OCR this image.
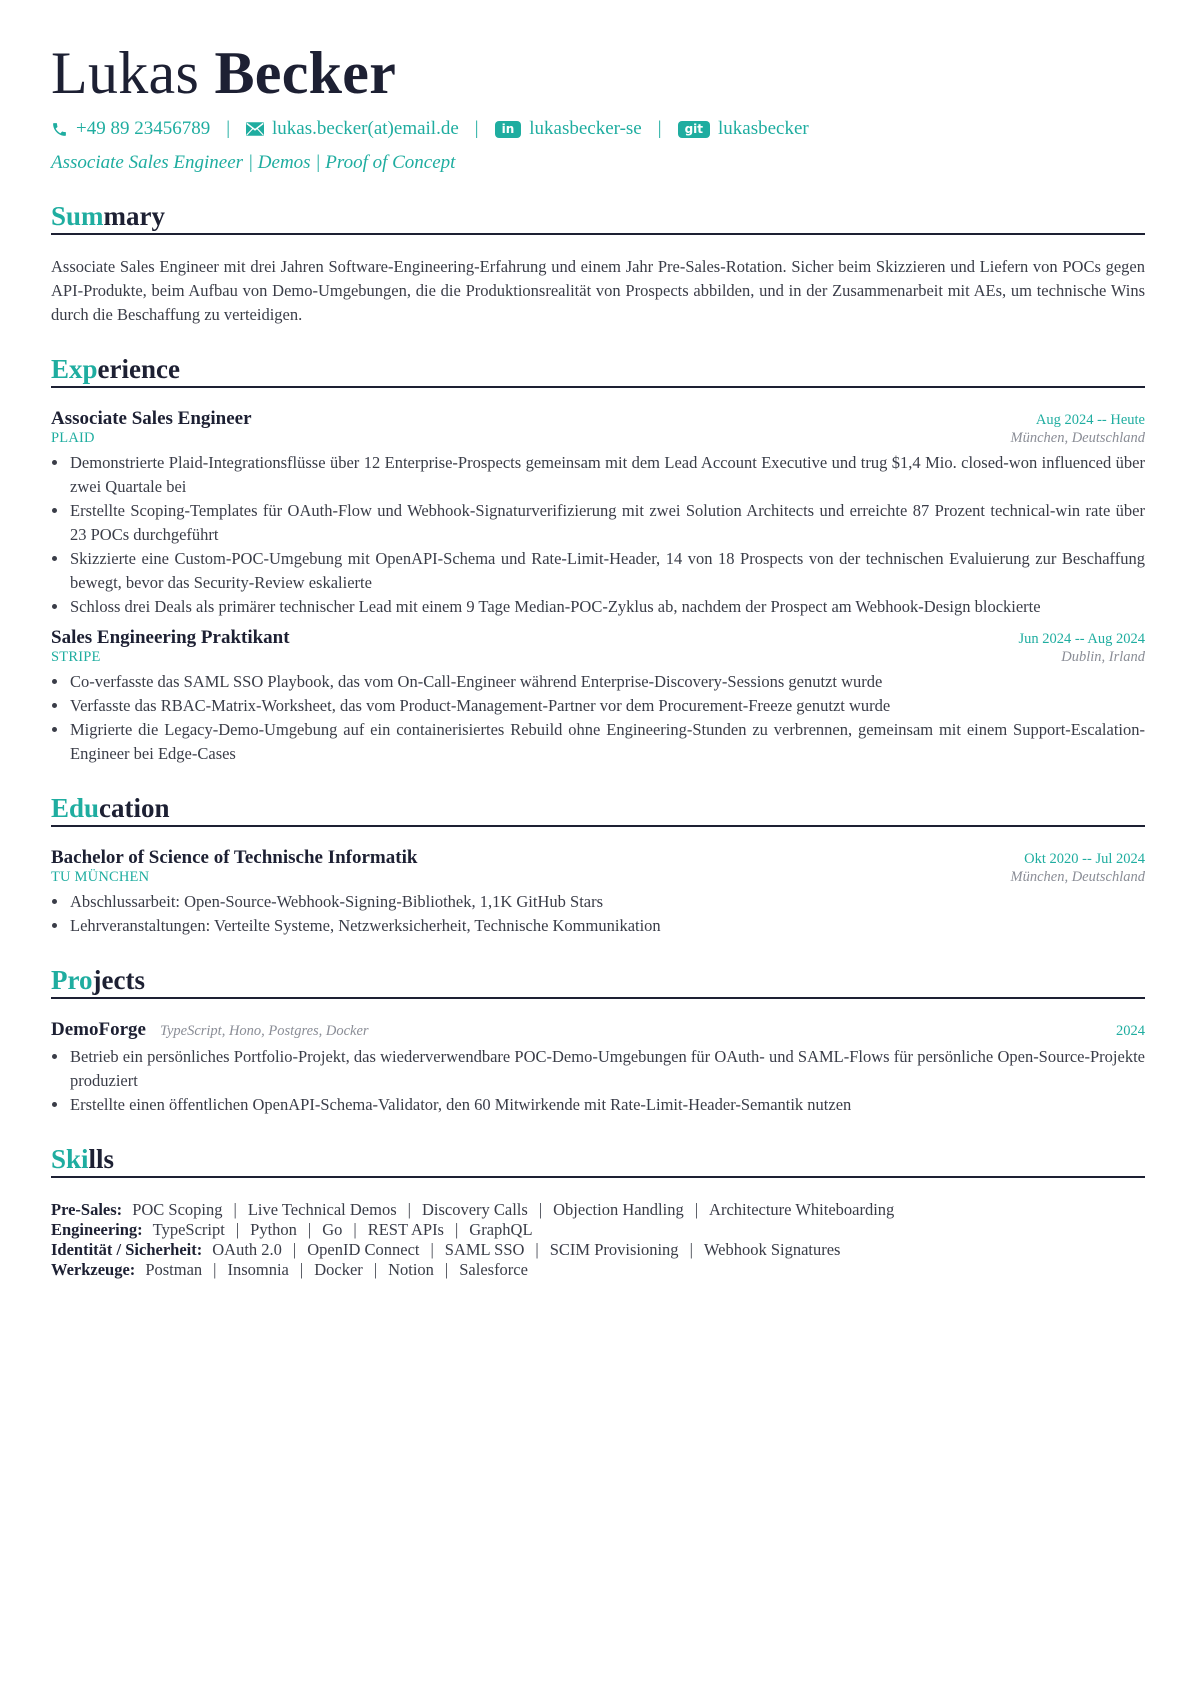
Lukas Becker
+49 89 23456789 | lukas.becker(at)email.de |	in lukasbecker-se |	git lukasbecker
Associate Sales Engineer | Demos | Proof of Concept
Summary
Associate Sales Engineer mit drei Jahren Software-Engineering-Erfahrung und einem Jahr Pre-Sales-Rotation. Sicher beim Skizzieren und Liefern von POCs gegen API-Produkte, beim Aufbau von Demo-Umgebungen, die die Produktionsrealität von Prospects abbilden, und in der Zusammenarbeit mit AEs, um technische Wins durch die Beschaffung zu verteidigen.
Experience
Associate Sales Engineer	Aug 2024 -- Heute
PLAID	München, Deutschland
• Demonstrierte Plaid-Integrationsflüsse über 12 Enterprise-Prospects gemeinsam mit dem Lead Account Executive und trug $1,4 Mio. closed-won influenced über zwei Quartale bei
• Erstellte Scoping-Templates für OAuth-Flow und Webhook-Signaturverifizierung mit zwei Solution Architects und erreichte 87 Prozent technical-win rate über 23 POCs durchgeführt
• Skizzierte eine Custom-POC-Umgebung mit OpenAPI-Schema und Rate-Limit-Header, 14 von 18 Prospects von der technischen Evaluierung zur Beschaffung bewegt, bevor das Security-Review eskalierte
• Schloss drei Deals als primärer technischer Lead mit einem 9 Tage Median-POC-Zyklus ab, nachdem der Prospect am Webhook-Design blockierte
Sales Engineering Praktikant	Jun 2024 -- Aug 2024
STRIPE	Dublin, Irland
• Co-verfasste das SAML SSO Playbook, das vom On-Call-Engineer während Enterprise-Discovery-Sessions genutzt wurde
• Verfasste das RBAC-Matrix-Worksheet, das vom Product-Management-Partner vor dem Procurement-Freeze genutzt wurde
• Migrierte die Legacy-Demo-Umgebung auf ein containerisiertes Rebuild ohne Engineering-Stunden zu verbrennen, gemeinsam mit einem Support-Escalation-Engineer bei Edge-Cases
Education
Bachelor of Science of Technische Informatik	Okt 2020 -- Jul 2024
TU MÜNCHEN	München, Deutschland
• Abschlussarbeit: Open-Source-Webhook-Signing-Bibliothek, 1,1K GitHub Stars
• Lehrveranstaltungen: Verteilte Systeme, Netzwerksicherheit, Technische Kommunikation
Projects
DemoForge TypeScript, Hono, Postgres, Docker	2024
• Betrieb ein persönliches Portfolio-Projekt, das wiederverwendbare POC-Demo-Umgebungen für OAuth- und SAML-Flows für persönliche Open-Source-Projekte produziert
• Erstellte einen öffentlichen OpenAPI-Schema-Validator, den 60 Mitwirkende mit Rate-Limit-Header-Semantik nutzen
Skills
Pre-Sales: POC Scoping | Live Technical Demos | Discovery Calls | Objection Handling | Architecture Whiteboarding
Engineering: TypeScript | Python | Go | REST APIs | GraphQL
Identität / Sicherheit: OAuth 2.0 | OpenID Connect | SAML SSO | SCIM Provisioning | Webhook Signatures
Werkzeuge: Postman | Insomnia | Docker | Notion | Salesforce
